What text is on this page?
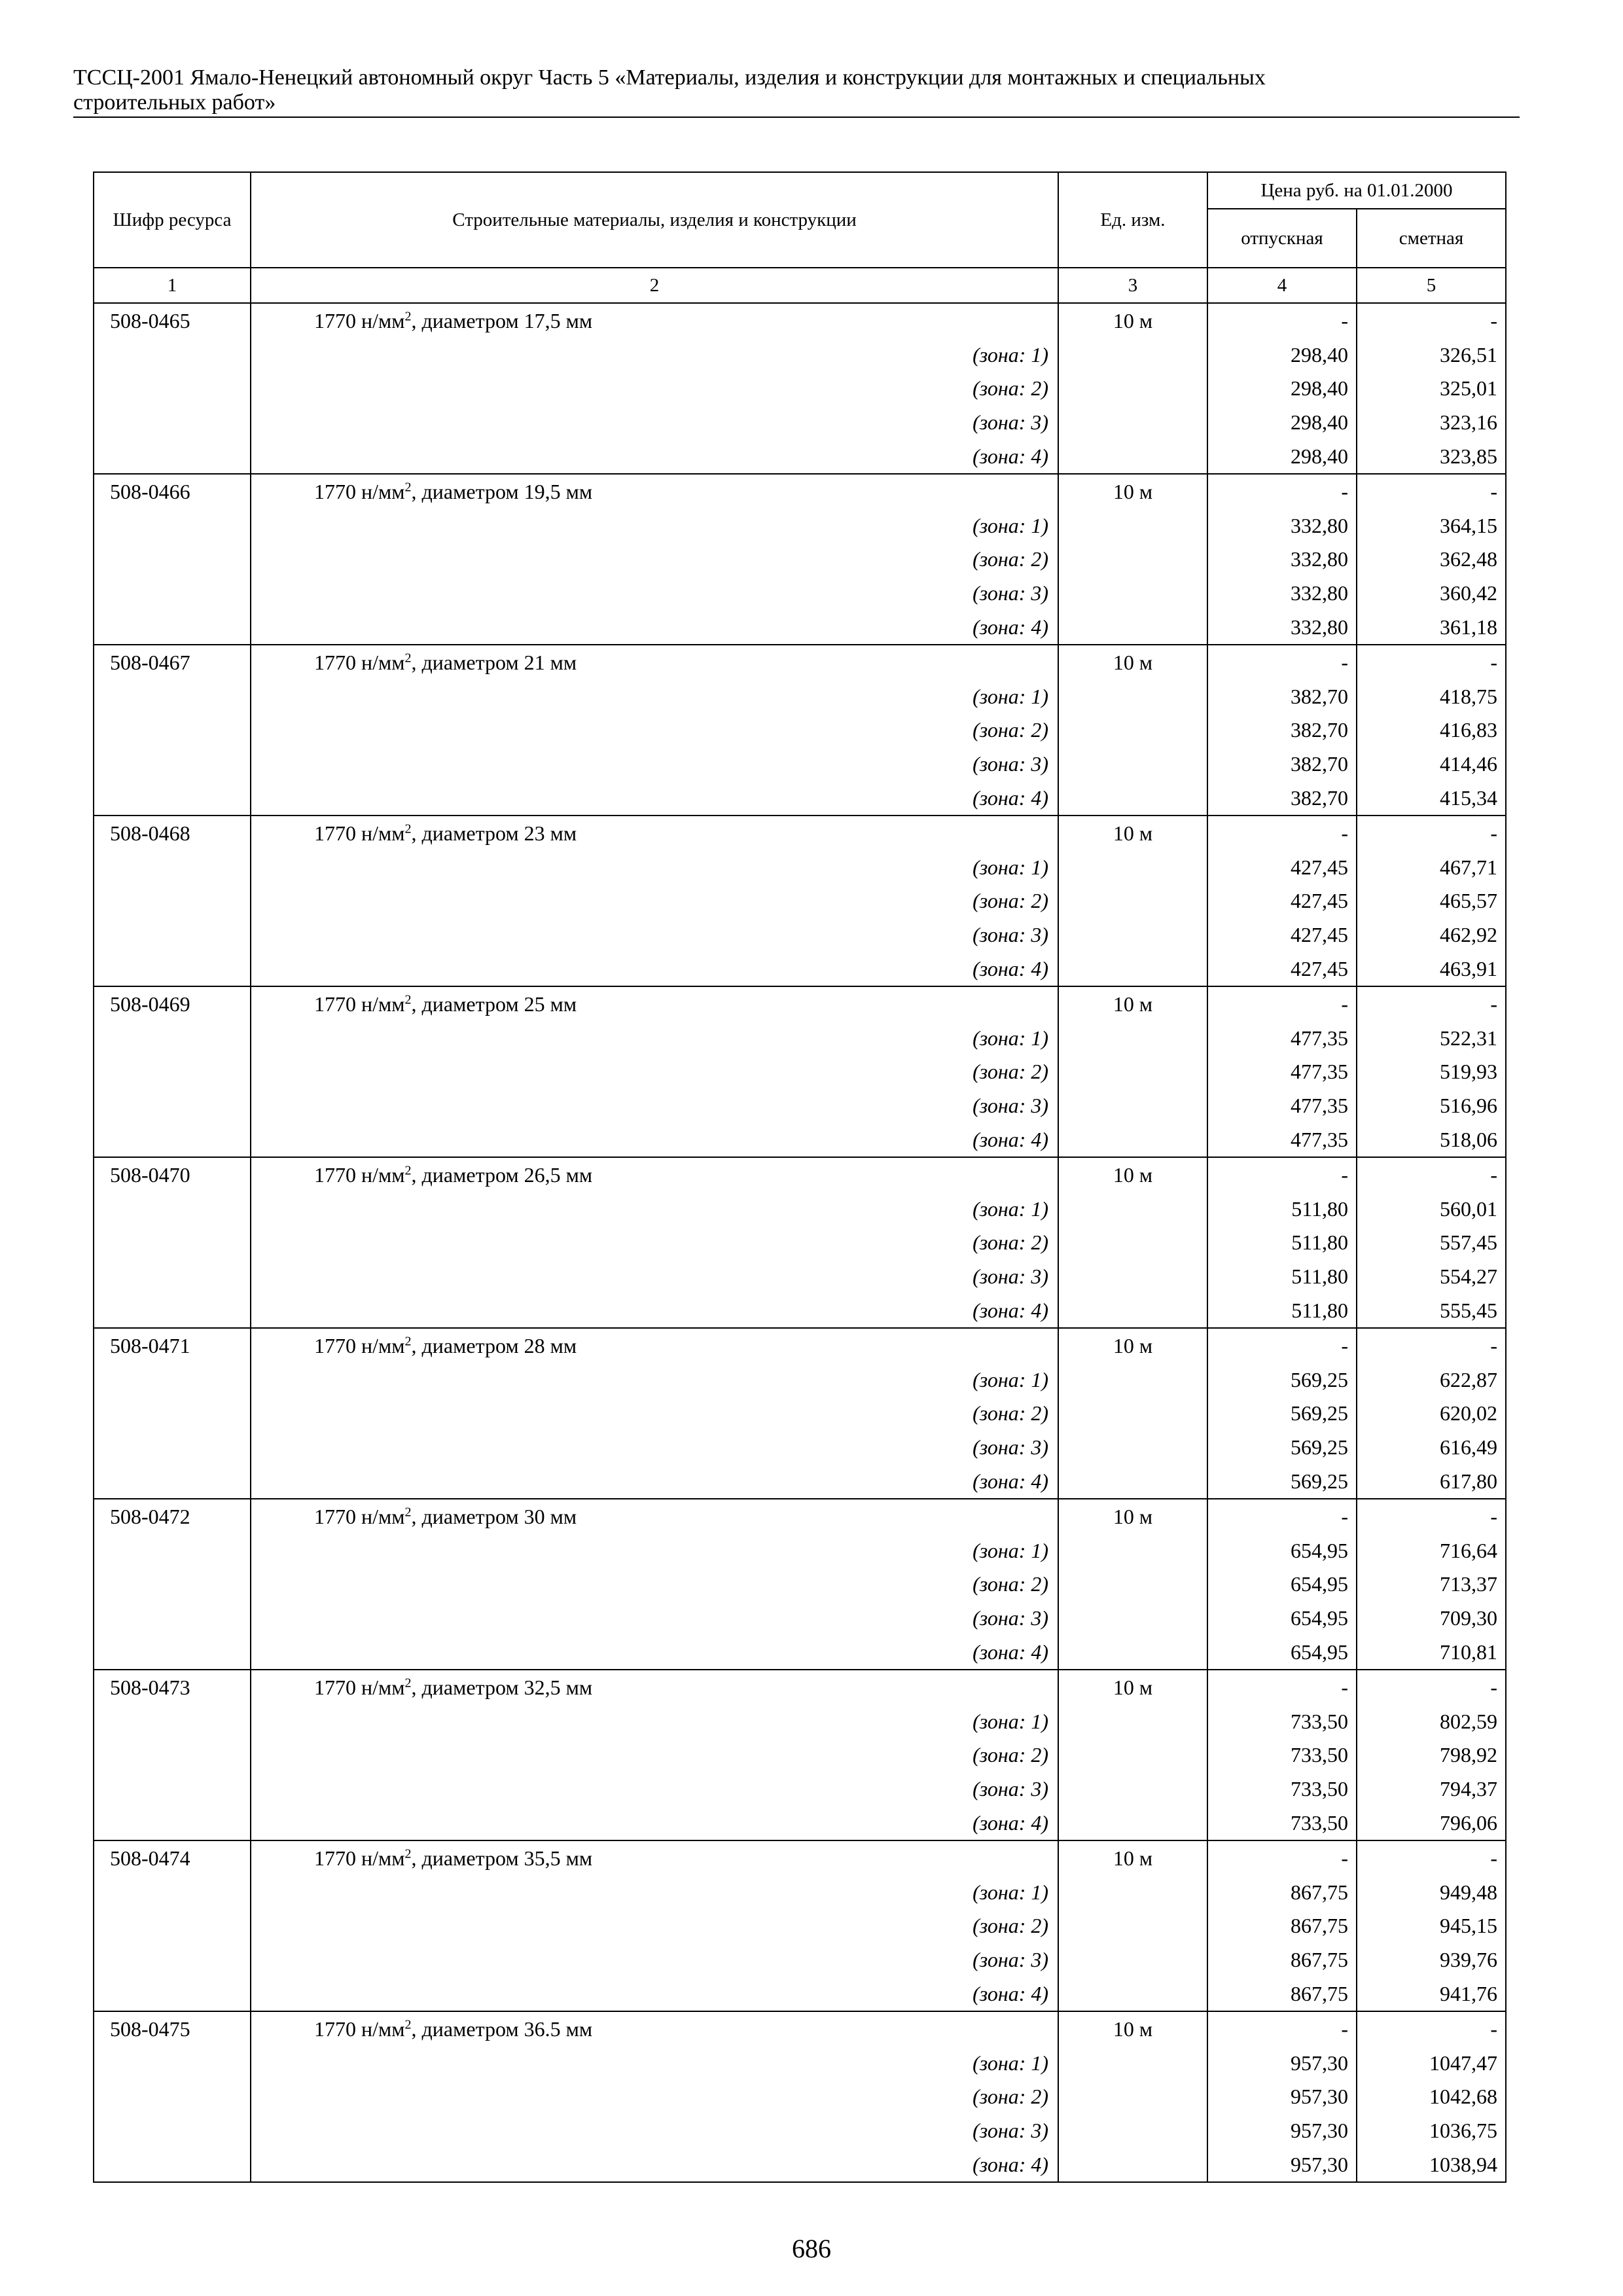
ТССЦ-2001 Ямало-Ненецкий автономный округ Часть 5 «Материалы, изделия и конструкции для монтажных и специальных
строительных работ»
Шифр ресурса	Строительные материалы, изделия и конструкции	Ед. изм.	Цена руб. на 01.01.2000	
			отпускная	сметная
1	2	3	4	5
508-0465	1770 $н/мм^2$, диаметром 17,5 мм	10 м	-	-
	(зона: 1)		298,40	326,51
	(зона: 2)		298,40	325,01
	(зона: 3)		298,40	323,16
	(зона: 4)		298,40	323,85
508-0466	1770 $н/мм^2$, диаметром 19,5 мм	10 м	-	-
	(зона: 1)		332,80	364,15
	(зона: 2)		332,80	362,48
	(зона: 3)		332,80	360,42
	(зона: 4)		332,80	361,18
508-0467	1770 $н/мм^2$, диаметром 21 мм	10 м	-	-
	(зона: 1)		382,70	418,75
	(зона: 2)		382,70	416,83
	(зона: 3)		382,70	414,46
	(зона: 4)		382,70	415,34
508-0468	1770 $н/мм^2$, диаметром 23 мм	10 м	-	-
	(зона: 1)		427,45	467,71
	(зона: 2)		427,45	465,57
	(зона: 3)		427,45	462,92
	(зона: 4)		427,45	463,91
508-0469	1770 $н/мм^2$, диаметром 25 мм	10 м	-	-
	(зона: 1)		477,35	522,31
	(зона: 2)		477,35	519,93
	(зона: 3)		477,35	516,96
	(зона: 4)		477,35	518,06
508-0470	1770 $н/мм^2$, диаметром 26,5 мм	10 м	-	-
	(зона: 1)		511,80	560,01
	(зона: 2)		511,80	557,45
	(зона: 3)		511,80	554,27
	(зона: 4)		511,80	555,45
508-0471	1770 $н/мм^2$, диаметром 28 мм	10 м	-	-
	(зона: 1)		569,25	622,87
	(зона: 2)		569,25	620,02
	(зона: 3)		569,25	616,49
	(зона: 4)		569,25	617,80
508-0472	1770 $н/мм^2$, диаметром 30 мм	10 м	-	-
	(зона: 1)		654,95	716,64
	(зона: 2)		654,95	713,37
	(зона: 3)		654,95	709,30
	(зона: 4)		654,95	710,81
508-0473	1770 $н/мм^2$, диаметром 32,5 мм	10 м	-	-
	(зона: 1)		733,50	802,59
	(зона: 2)		733,50	798,92
	(зона: 3)		733,50	794,37
	(зона: 4)		733,50	796,06
508-0474	1770 $н/мм^2$, диаметром 35,5 мм	10 м	-	-
	(зона: 1)		867,75	949,48
	(зона: 2)		867,75	945,15
	(зона: 3)		867,75	939,76
	(зона: 4)		867,75	941,76
508-0475	1770 $н/мм^2$, диаметром 36.5 мм	10 м	-	-
	(зона: 1)		957,30	1047,47
	(зона: 2)		957,30	1042,68
	(зона: 3)		957,30	1036,75
	(зона: 4)		957,30	1038,94
686
